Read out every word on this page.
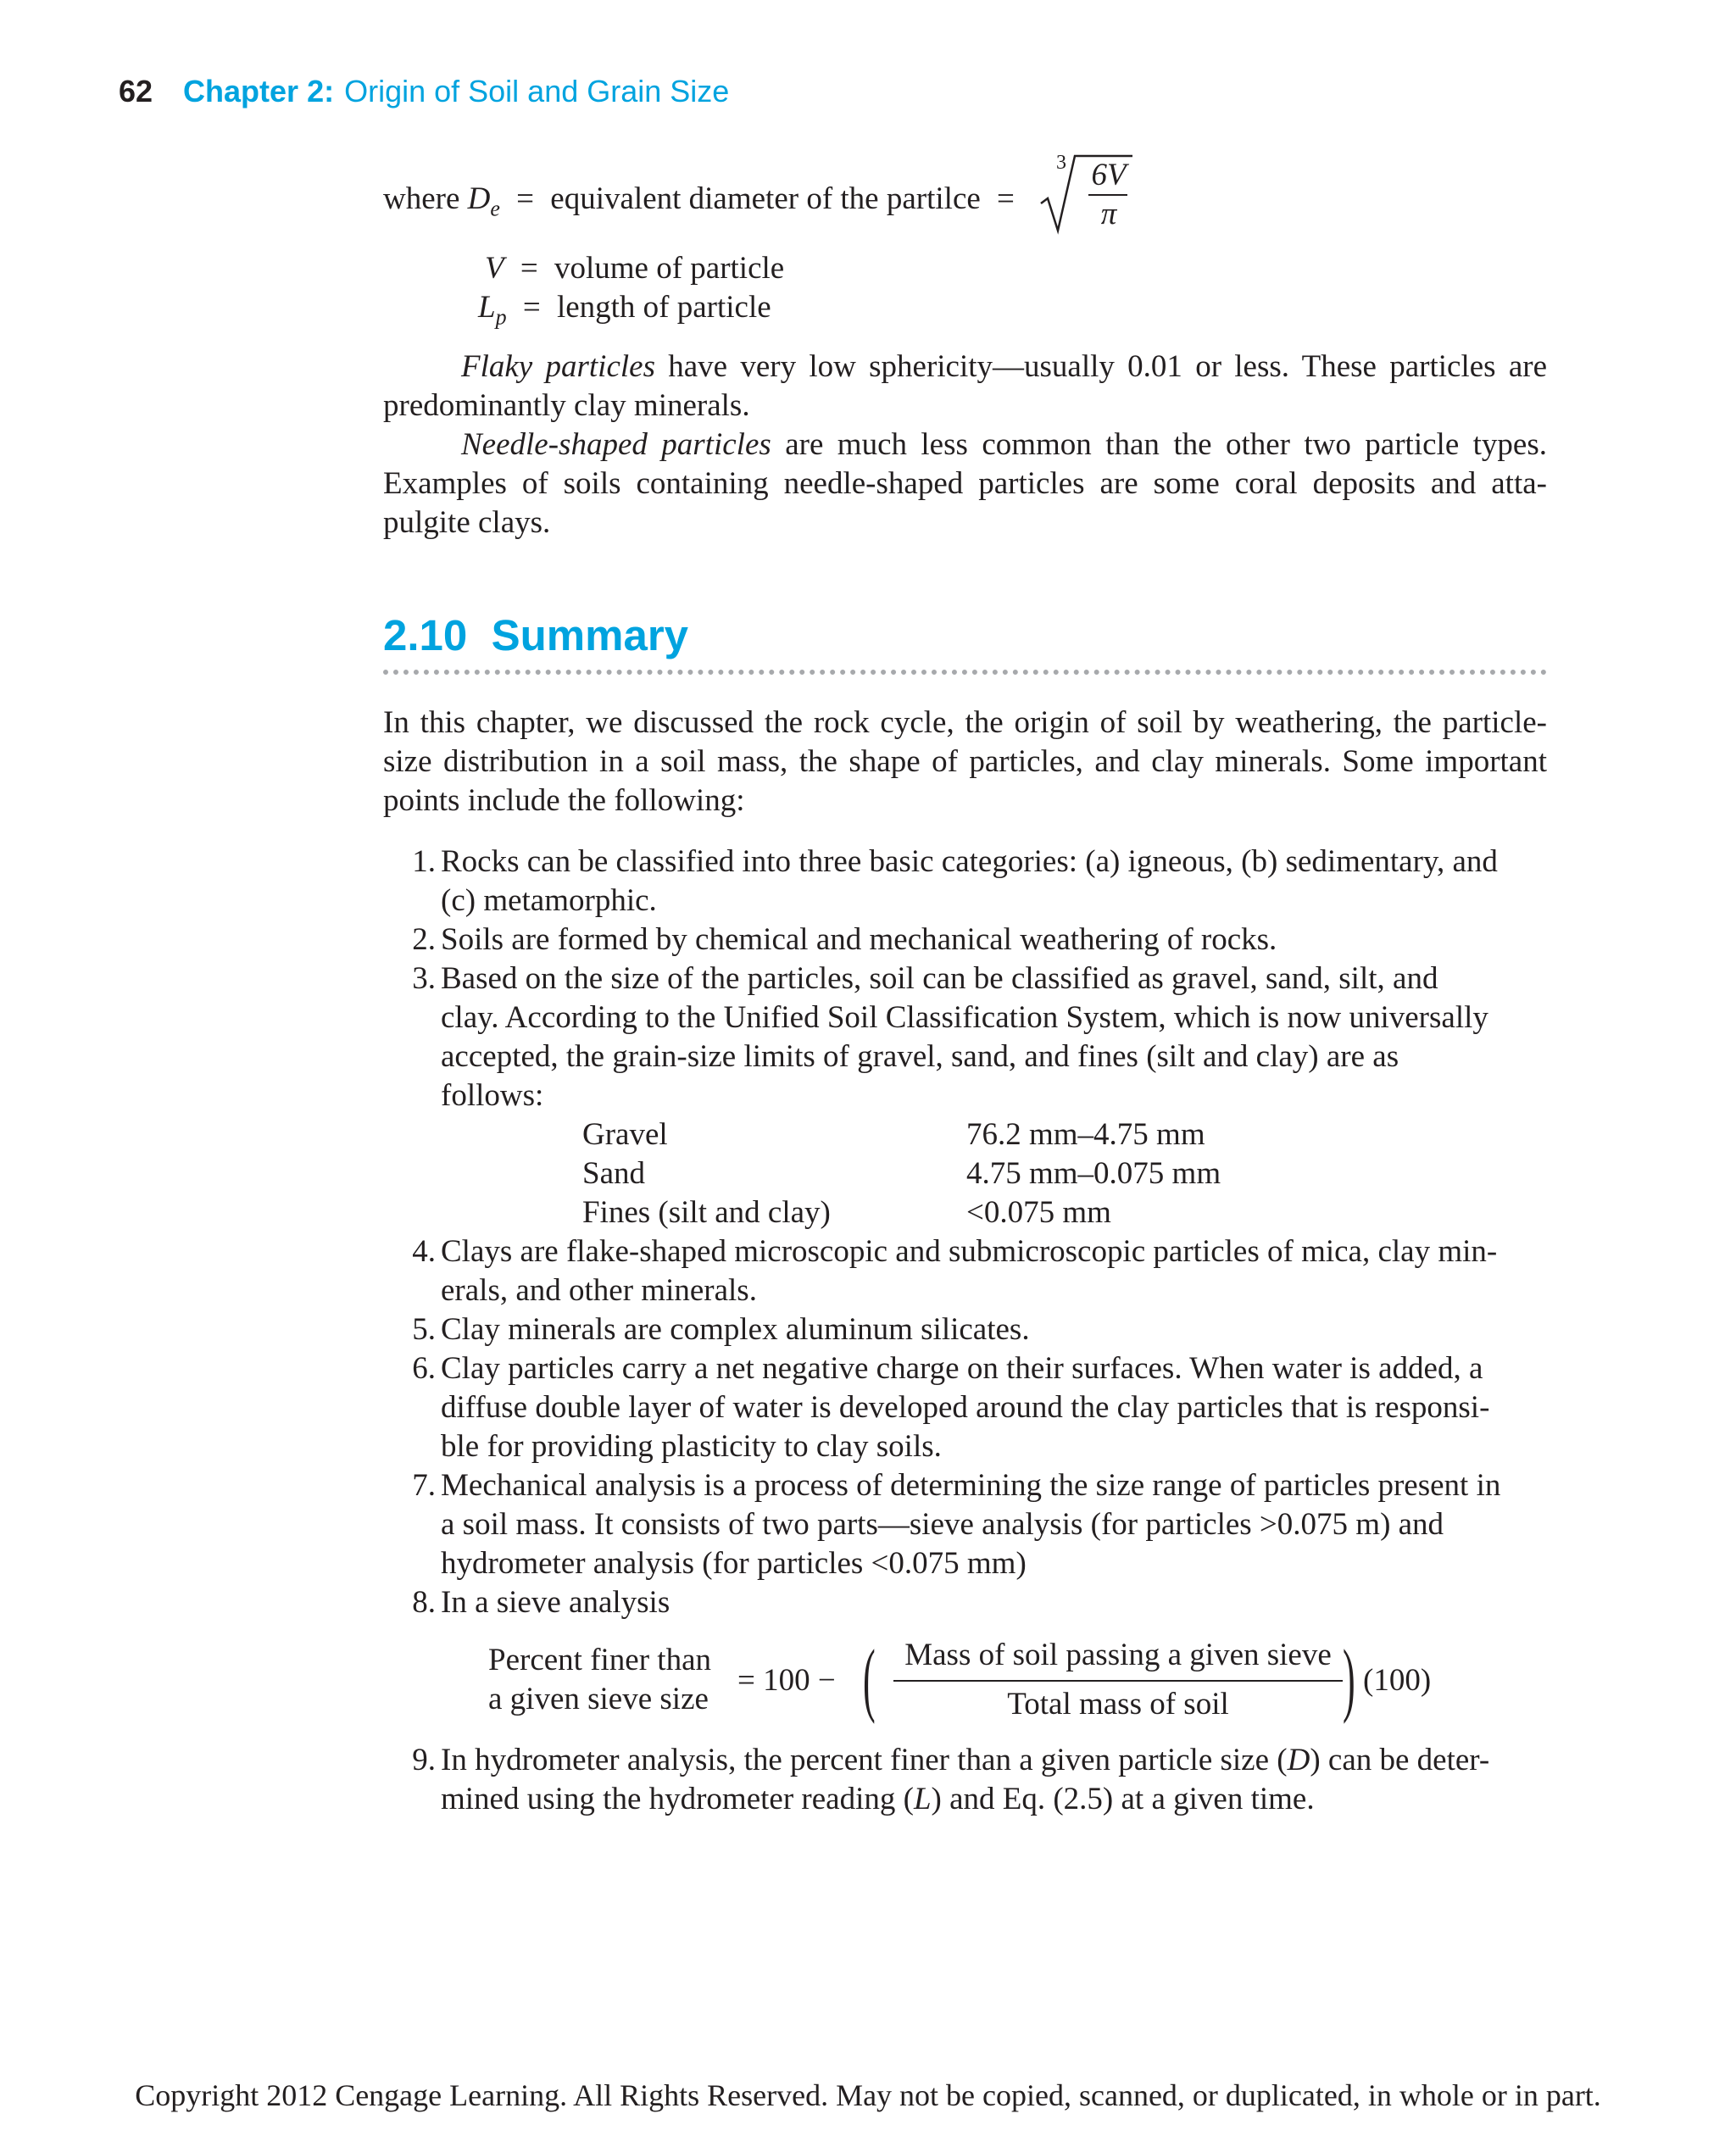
62 Chapter 2: Origin of Soil and Grain Size
where $D_e$ = equivalent diameter of the partilce =
3 6V
π
V = volume of particle
$L_p$ = length of particle

Flaky particles have very low sphericity—usually 0.01 or less. These particles are
predominantly clay minerals.

Needle-shaped particles are much less common than the other two particle types.
Examples of soils containing needle-shaped particles are some coral deposits and atta-
pulgite clays.

2.10 Summary
In this chapter, we discussed the rock cycle, the origin of soil by weathering, the particle-
size distribution in a soil mass, the shape of particles, and clay minerals. Some important
points include the following:
1. Rocks can be classified into three basic categories: (a) igneous, (b) sedimentary, and
(c) metamorphic.
2. Soils are formed by chemical and mechanical weathering of rocks.
3. Based on the size of the particles, soil can be classified as gravel, sand, silt, and
clay. According to the Unified Soil Classification System, which is now universally
accepted, the grain-size limits of gravel, sand, and fines (silt and clay) are as
follows:
Gravel	76.2 mm–4.75 mm
Sand	4.75 mm–0.075 mm
Fines (silt and clay)	<0.075 mm
4. Clays are flake-shaped microscopic and submicroscopic particles of mica, clay min-
erals, and other minerals.
5. Clay minerals are complex aluminum silicates.
6. Clay particles carry a net negative charge on their surfaces. When water is added, a
diffuse double layer of water is developed around the clay particles that is responsi-
ble for providing plasticity to clay soils.
7. Mechanical analysis is a process of determining the size range of particles present in
a soil mass. It consists of two parts—sieve analysis (for particles >0.075 m) and
hydrometer analysis (for particles <0.075 mm)
8. In a sieve analysis
Percent finer than
a given sieve size
= 100 − ( Mass of soil passing a given sieve
Total mass of soil	) (100)
9. In hydrometer analysis, the percent finer than a given particle size (D) can be deter-
mined using the hydrometer reading (L) and Eq. (2.5) at a given time.
Copyright 2012 Cengage Learning. All Rights Reserved. May not be copied, scanned, or duplicated, in whole or in part.
